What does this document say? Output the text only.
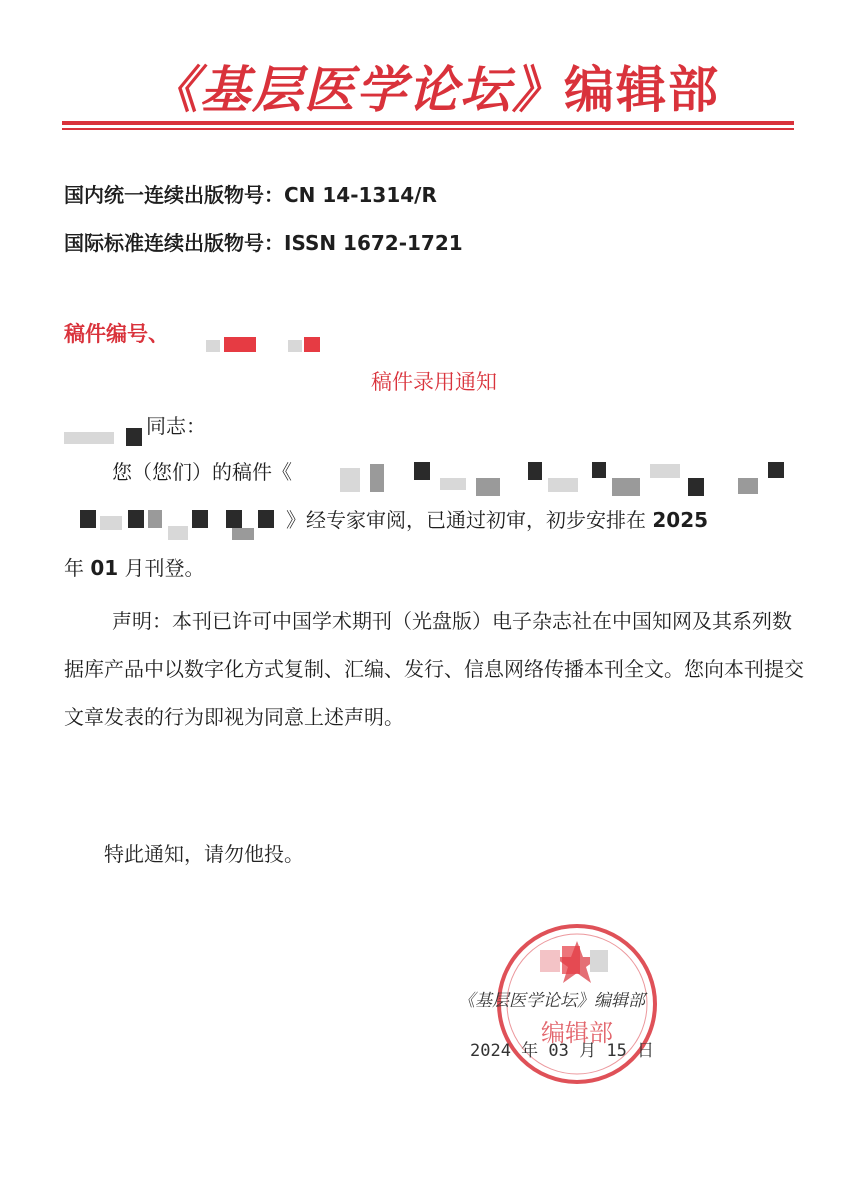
《基层医学论坛》编辑部
国内统一连续出版物号：CN 14-1314/R
国际标准连续出版物号：ISSN 1672-1721
稿件编号、
稿件录用通知
同志：
您（您们）的稿件《
》经专家审阅，已通过初审，初步安排在 2025
年 01 月刊登。
声明：本刊已许可中国学术期刊（光盘版）电子杂志社在中国知网及其系列数据库产品中以数字化方式复制、汇编、发行、信息网络传播本刊全文。您向本刊提交文章发表的行为即视为同意上述声明。
特此通知，请勿他投。
编辑部
《基层医学论坛》编辑部
2024 年 03 月 15 日
